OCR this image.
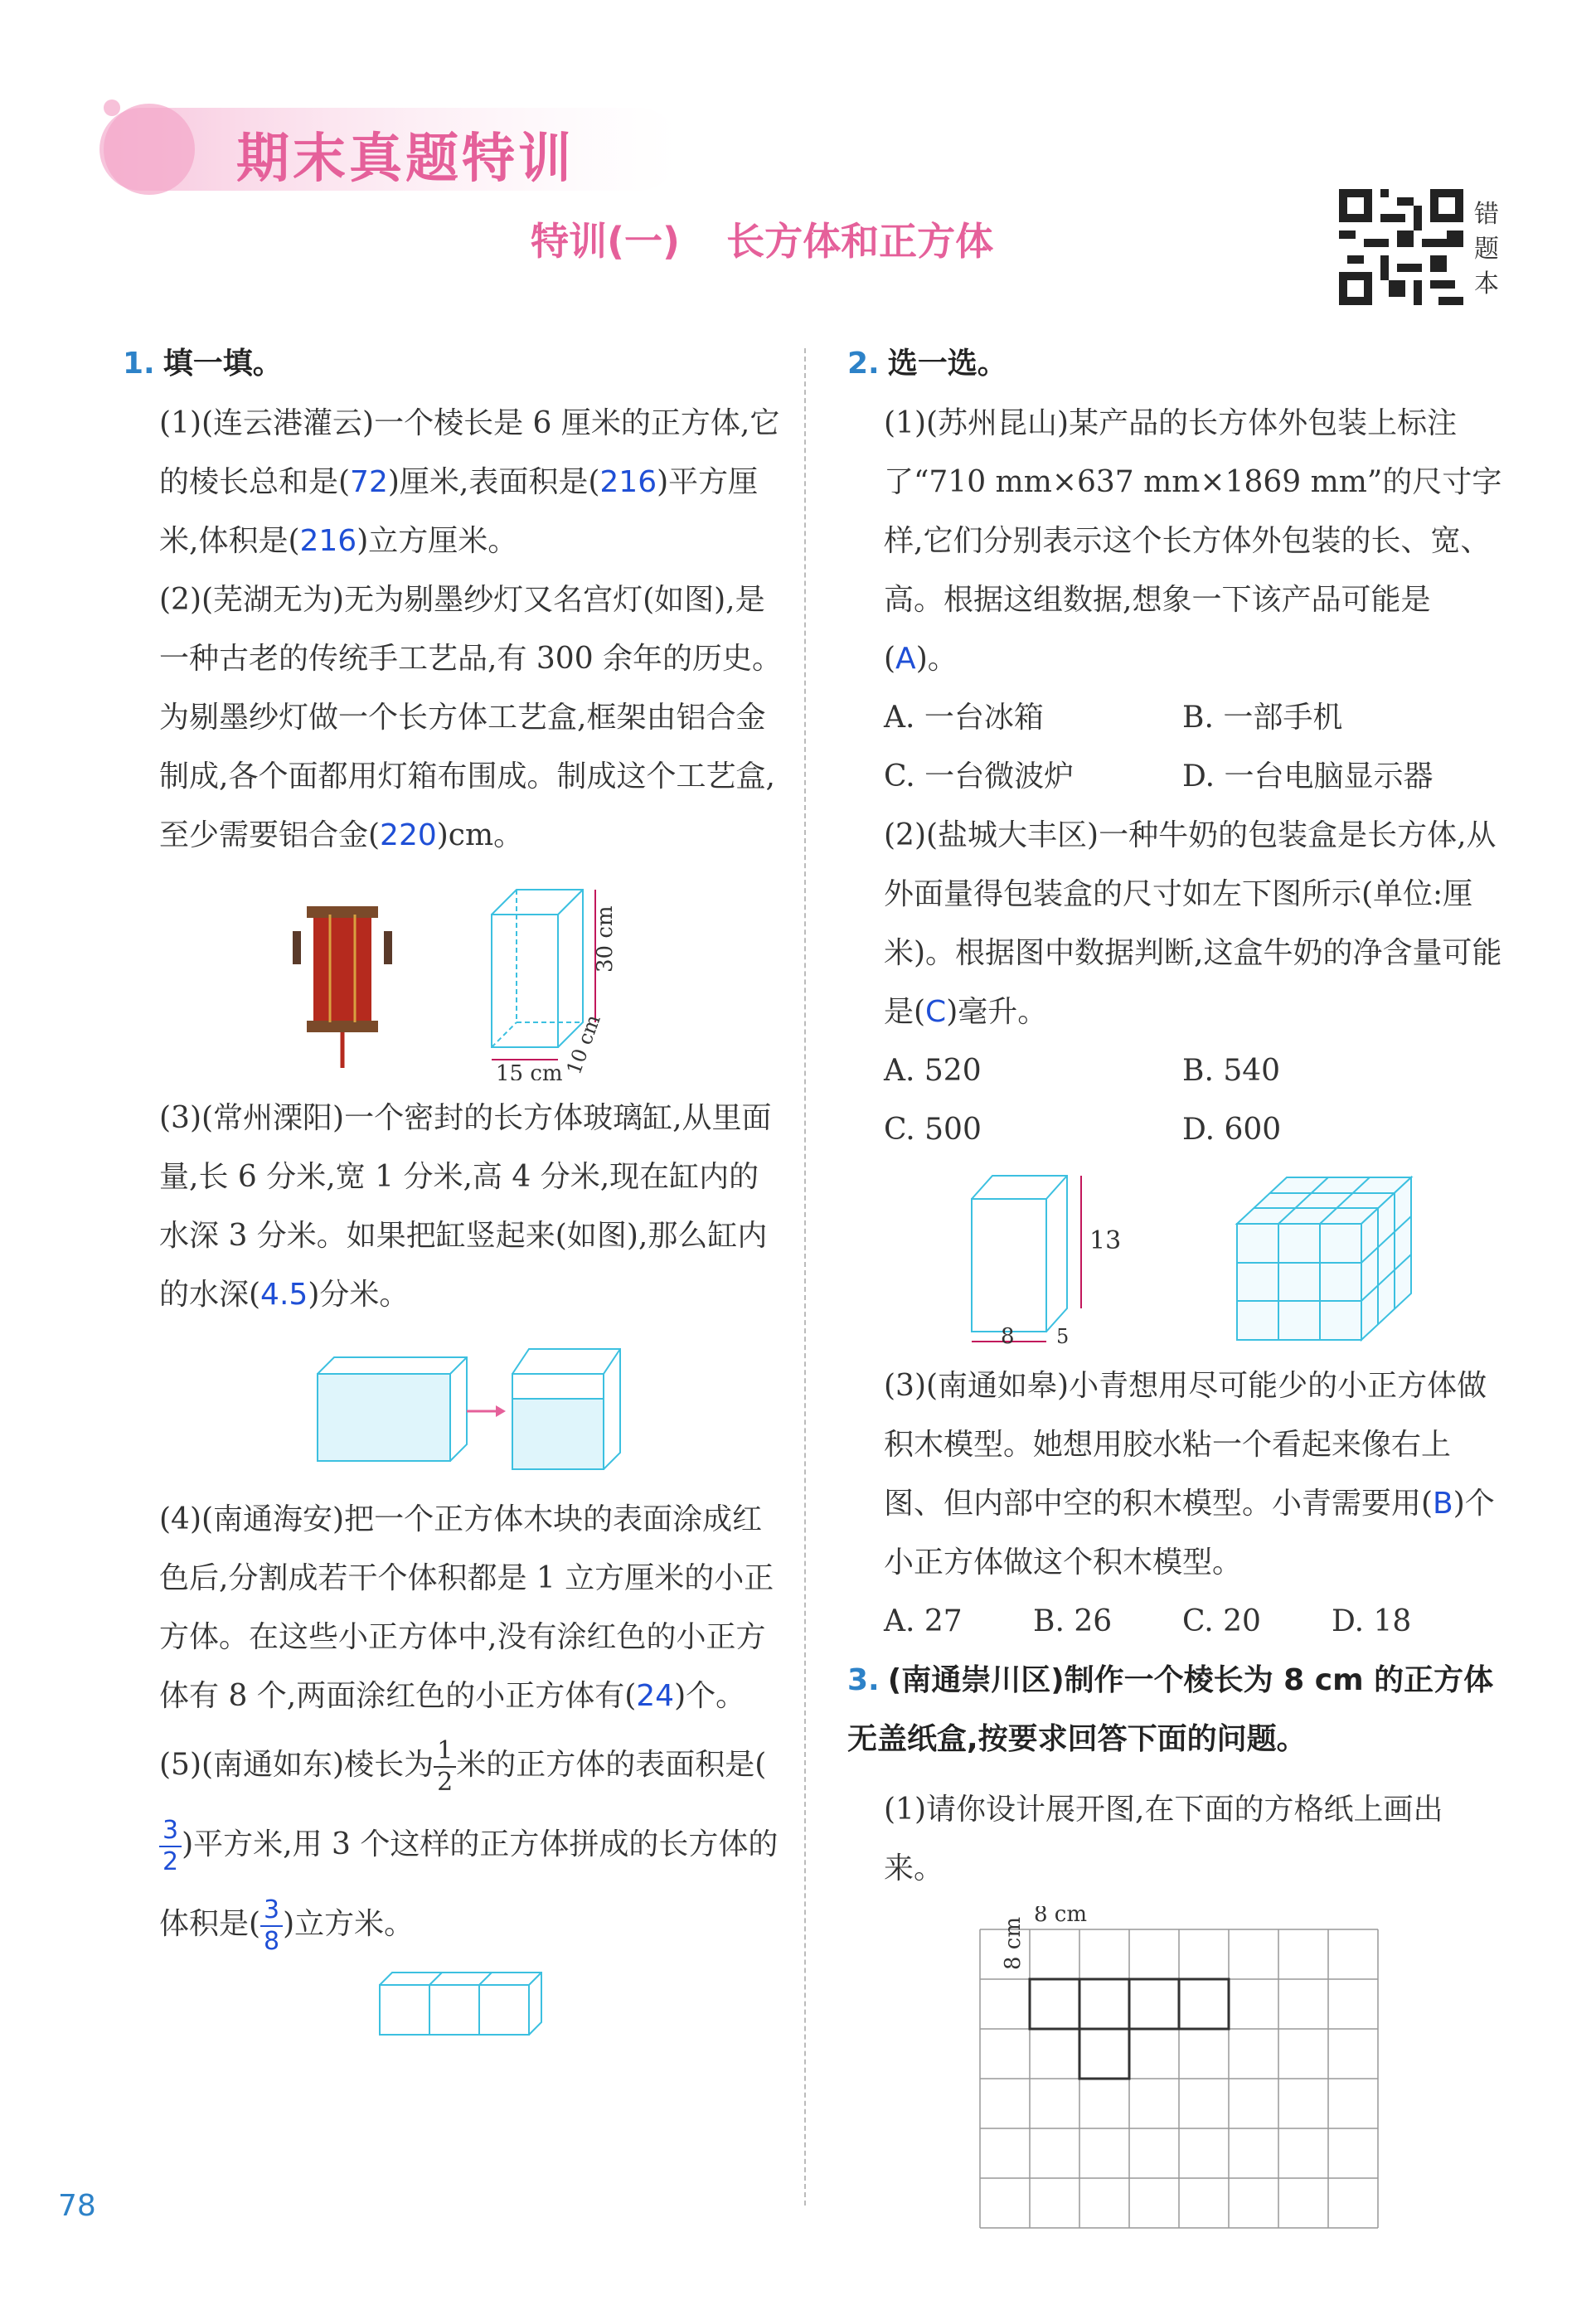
期末真题特训
特训(一) 长方体和正方体
错题本
1. 填一填。

(1)(连云港灌云)一个棱长是 6 厘米的正方体,它的棱长总和是(72)厘米,表面积是(216)平方厘米,体积是(216)立方厘米。

(2)(芜湖无为)无为剔墨纱灯又名宫灯(如图),是一种古老的传统手工艺品,有 300 余年的历史。为剔墨纱灯做一个长方体工艺盒,框架由铝合金制成,各个面都用灯箱布围成。制成这个工艺盒,至少需要铝合金(220)cm。

30 cm
15 cm 10 cm

(3)(常州溧阳)一个密封的长方体玻璃缸,从里面量,长 6 分米,宽 1 分米,高 4 分米,现在缸内的水深 3 分米。如果把缸竖起来(如图),那么缸内的水深(4.5)分米。

(4)(南通海安)把一个正方体木块的表面涂成红色后,分割成若干个体积都是 1 立方厘米的小正方体。在这些小正方体中,没有涂红色的小正方体有 8 个,两面涂红色的小正方体有(24)个。

(5)(南通如东)棱长为 $\frac{1}{2}$ 米的正方体的表面积是(
$\frac{3}{2}$ )平方米,用 3 个这样的正方体拼成的长方体的体积是( $\frac{3}{8}$ )立方米。

2. 选一选。

(1)(苏州昆山)某产品的长方体外包装上标注了“710 mm×637 mm×1869 mm”的尺寸字样,它们分别表示这个长方体外包装的长、宽、高。根据这组数据,想象一下该产品可能是(A)。

A. 一台冰箱	B. 一部手机
C. 一台微波炉	D. 一台电脑显示器

(2)(盐城大丰区)一种牛奶的包装盒是长方体,从外面量得包装盒的尺寸如左下图所示(单位:厘米)。根据图中数据判断,这盒牛奶的净含量可能是(C)毫升。

A. 520	B. 540
C. 500	D. 600
13
8 5

(3)(南通如皋)小青想用尽可能少的小正方体做积木模型。她想用胶水粘一个看起来像右上图、但内部中空的积木模型。小青需要用(B)个小正方体做这个积木模型。

A. 27	B. 26	C. 20	D. 18
3. (南通崇川区)制作一个棱长为 8 cm 的正方体无盖纸盒,按要求回答下面的问题。

(1)请你设计展开图,在下面的方格纸上画出来。

8 cm
8 cm
78
